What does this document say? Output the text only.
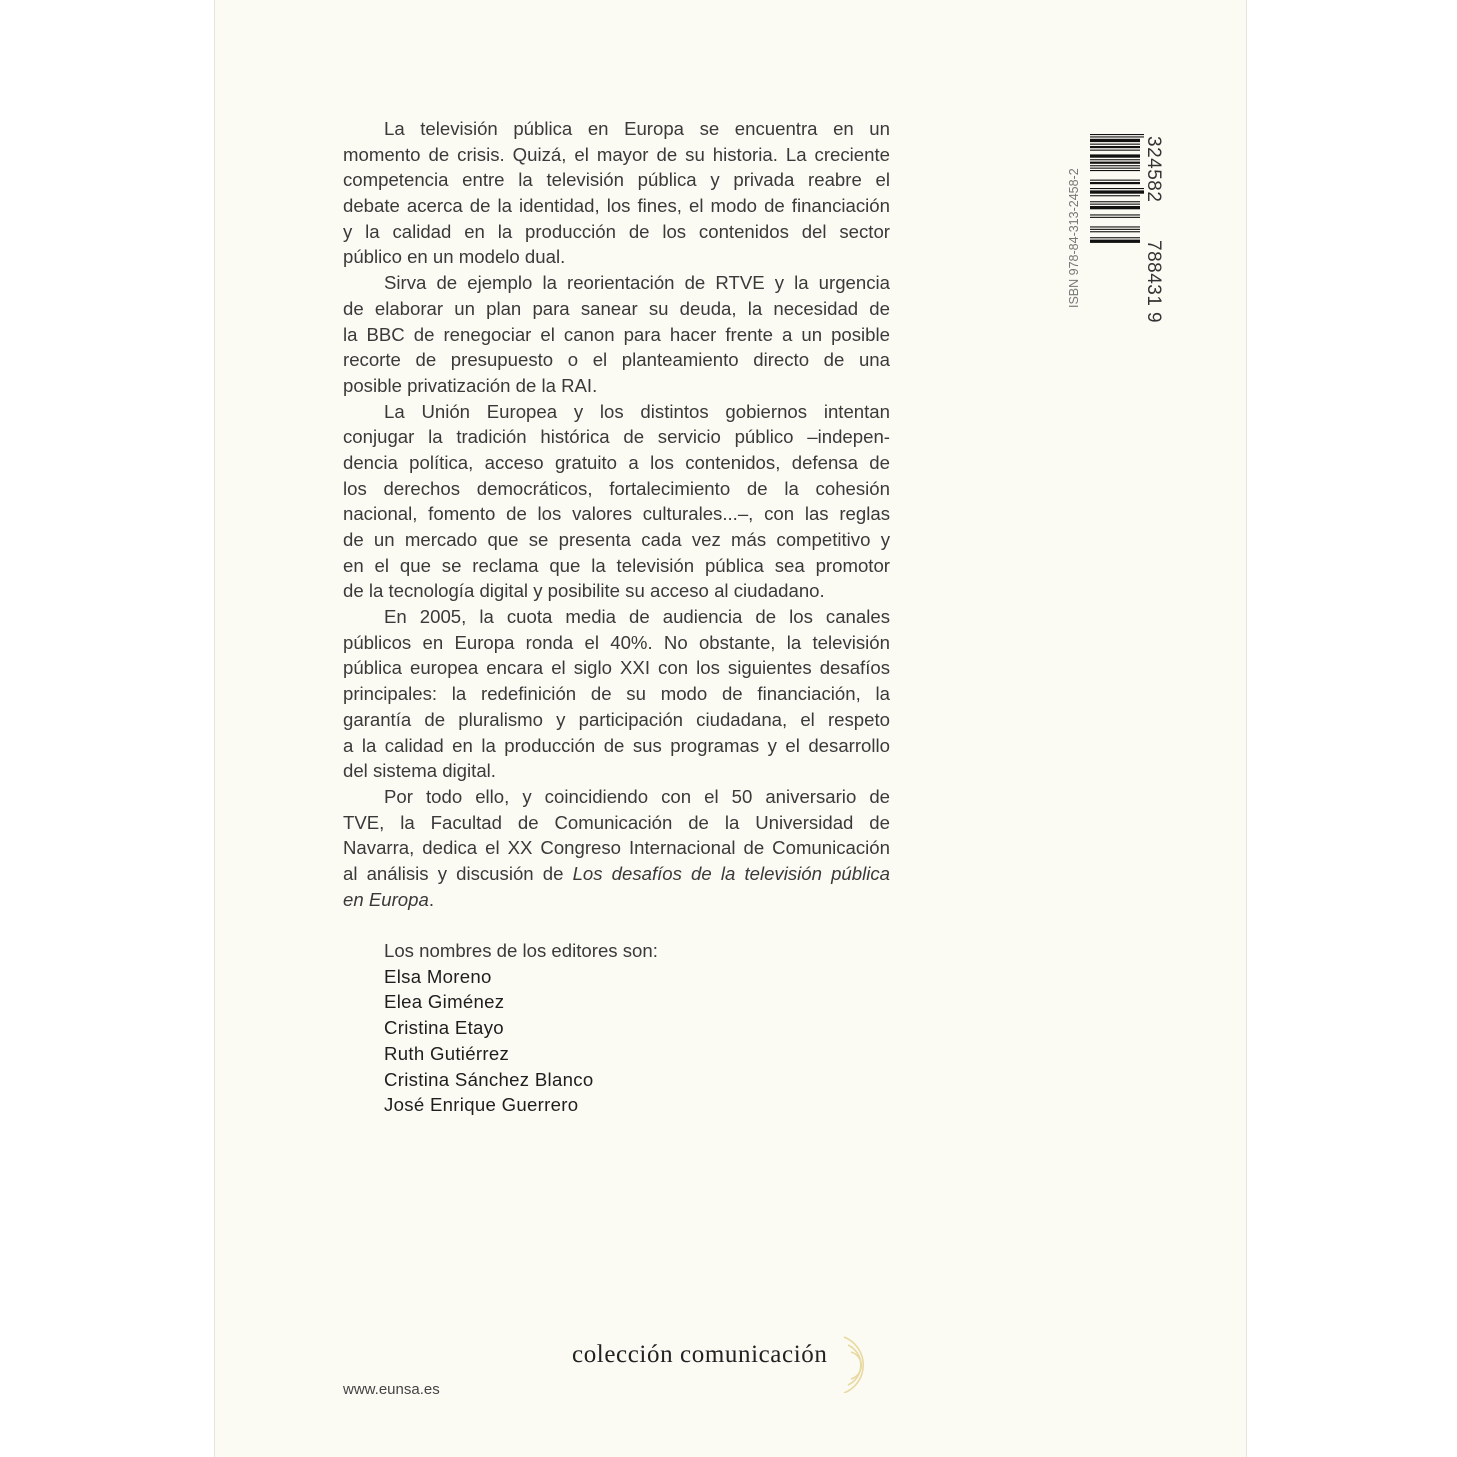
La televisión pública en Europa se encuentra en un
momento de crisis. Quizá, el mayor de su historia. La creciente
competencia entre la televisión pública y privada reabre el
debate acerca de la identidad, los fines, el modo de financiación
y la calidad en la producción de los contenidos del sector
público en un modelo dual.
Sirva de ejemplo la reorientación de RTVE y la urgencia
de elaborar un plan para sanear su deuda, la necesidad de
la BBC de renegociar el canon para hacer frente a un posible
recorte de presupuesto o el planteamiento directo de una
posible privatización de la RAI.
La Unión Europea y los distintos gobiernos intentan
conjugar la tradición histórica de servicio público –indepen-
dencia política, acceso gratuito a los contenidos, defensa de
los derechos democráticos, fortalecimiento de la cohesión
nacional, fomento de los valores culturales...–, con las reglas
de un mercado que se presenta cada vez más competitivo y
en el que se reclama que la televisión pública sea promotor
de la tecnología digital y posibilite su acceso al ciudadano.
En 2005, la cuota media de audiencia de los canales
públicos en Europa ronda el 40%. No obstante, la televisión
pública europea encara el siglo XXI con los siguientes desafíos
principales: la redefinición de su modo de financiación, la
garantía de pluralismo y participación ciudadana, el respeto
a la calidad en la producción de sus programas y el desarrollo
del sistema digital.
Por todo ello, y coincidiendo con el 50 aniversario de
TVE, la Facultad de Comunicación de la Universidad de
Navarra, dedica el XX Congreso Internacional de Comunicación
al análisis y discusión de Los desafíos de la televisión pública
en Europa.
Los nombres de los editores son:
Elsa Moreno
Elea Giménez
Cristina Etayo
Ruth Gutiérrez
Cristina Sánchez Blanco
José Enrique Guerrero
ISBN 978-84-313-2458-2
9
788431
324582
colección comunicación
www.eunsa.es
